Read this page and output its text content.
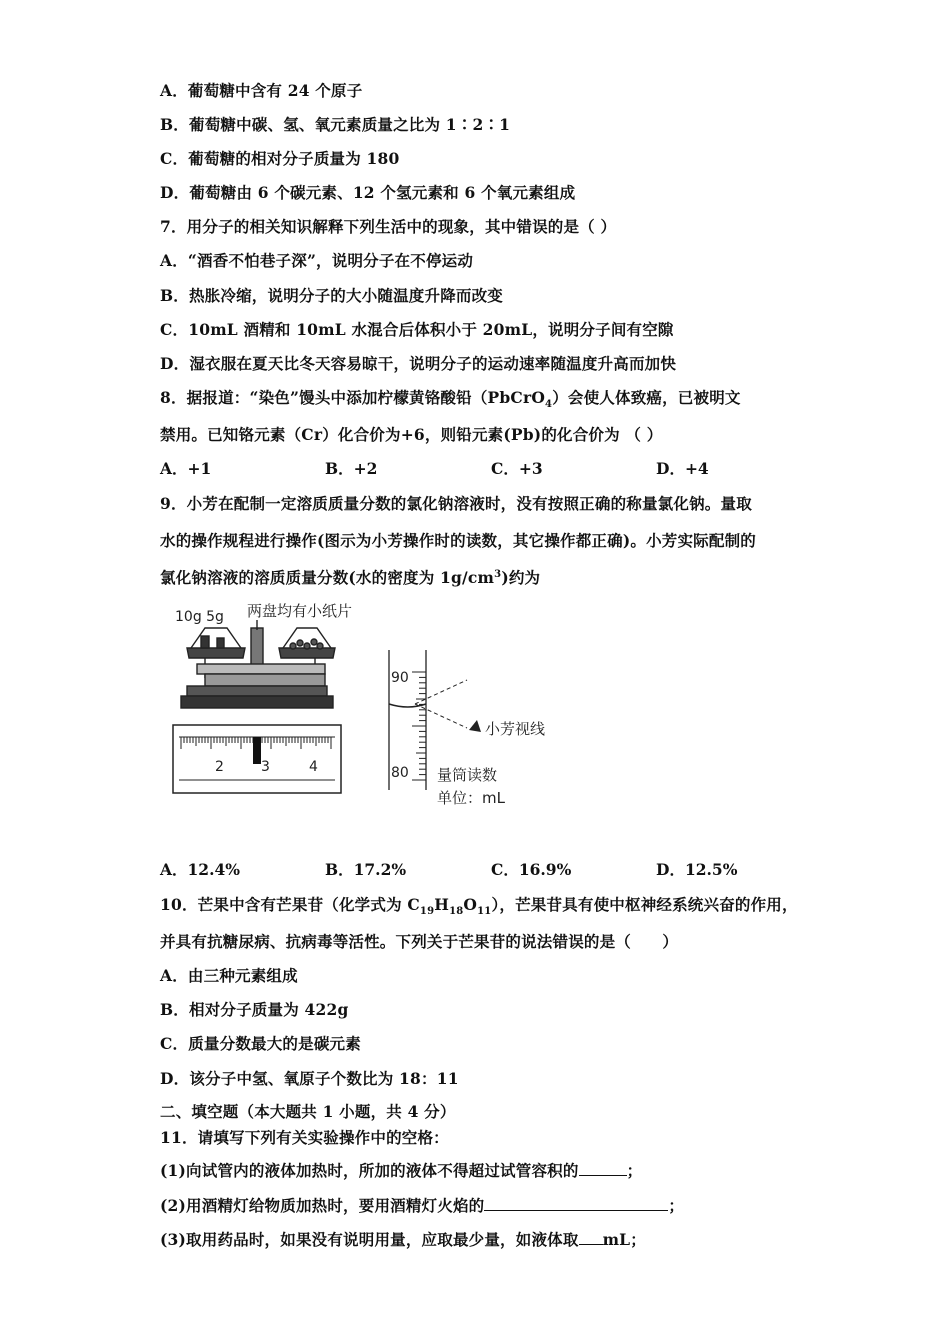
A．葡萄糖中含有 24 个原子
B．葡萄糖中碳、氢、氧元素质量之比为 1∶2∶1
C．葡萄糖的相对分子质量为 180
D．葡萄糖由 6 个碳元素、12 个氢元素和 6 个氧元素组成
7．用分子的相关知识解释下列生活中的现象，其中错误的是（ ）
A．“酒香不怕巷子深”，说明分子在不停运动
B．热胀冷缩，说明分子的大小随温度升降而改变
C．10mL 酒精和 10mL 水混合后体积小于 20mL，说明分子间有空隙
D．湿衣服在夏天比冬天容易晾干，说明分子的运动速率随温度升高而加快
8．据报道：“染色”馒头中添加柠檬黄铬酸铅（PbCrO$_4$）会使人体致癌，已被明文
禁用。已知铬元素（Cr）化合价为+6，则铅元素(Pb)的化合价为 （ ）
A．+1	B．+2	C．+3	D．+4
9．小芳在配制一定溶质质量分数的氯化钠溶液时，没有按照正确的称量氯化钠。量取
水的操作规程进行操作(图示为小芳操作时的读数，其它操作都正确)。小芳实际配制的
氯化钠溶液的溶质质量分数(水的密度为 $1g/cm^3$)约为
10g 5g 两盘均有小纸片
2	3	4
90
80
小芳视线
量筒读数
单位：mL
A．12.4%	B．17.2%	C．16.9%	D．12.5%
10．芒果中含有芒果苷（化学式为 $C_{19}H_{18}O_{11}$），芒果苷具有使中枢神经系统兴奋的作用，
并具有抗糖尿病、抗病毒等活性。下列关于芒果苷的说法错误的是（　　）
A．由三种元素组成
B．相对分子质量为 422g
C．质量分数最大的是碳元素
D．该分子中氢、氧原子个数比为 18：11
二、填空题（本大题共 1 小题，共 4 分）
11．请填写下列有关实验操作中的空格：
(1)向试管内的液体加热时，所加的液体不得超过试管容积的	；
(2)用酒精灯给物质加热时，要用酒精灯火焰的	；
(3)取用药品时，如果没有说明用量，应取最少量，如液体取 mL；
